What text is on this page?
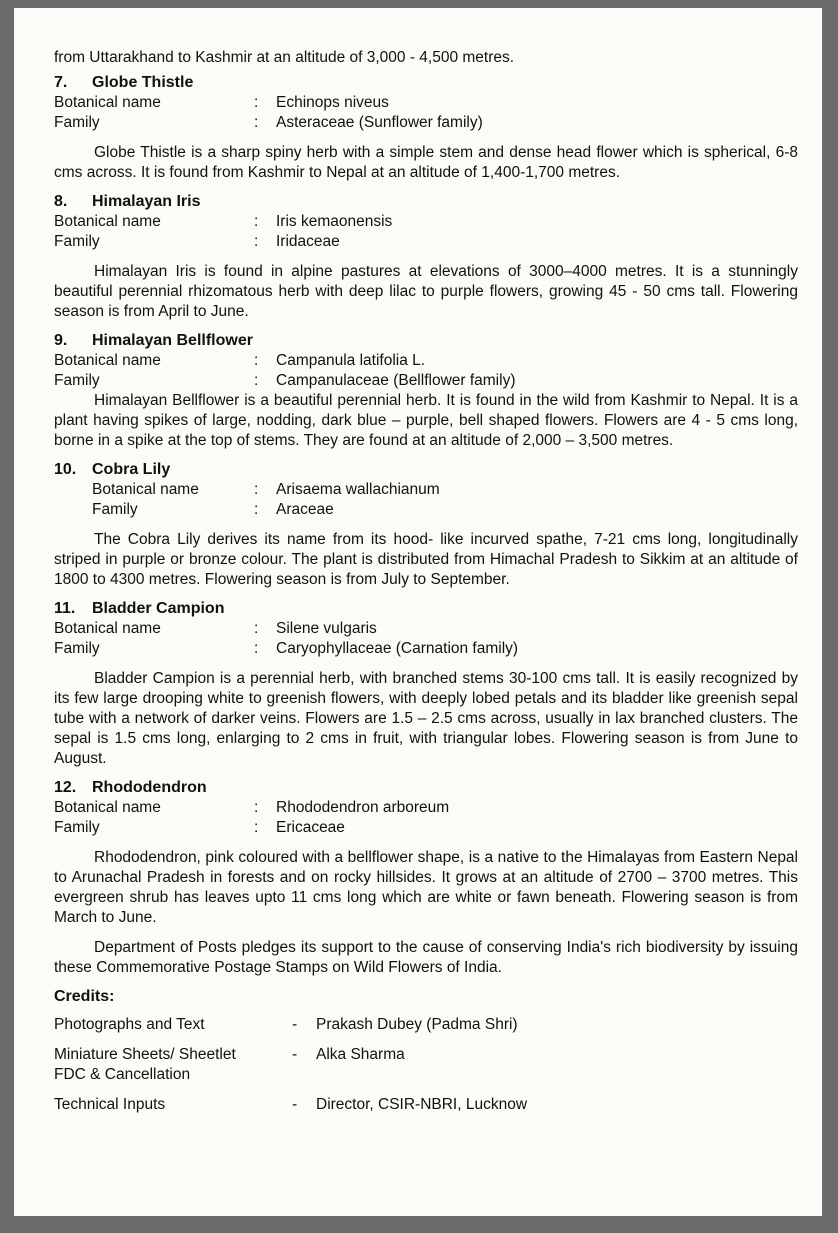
from Uttarakhand to Kashmir at an altitude of 3,000 - 4,500 metres.
7.	Globe Thistle
Botanical name	:	Echinops niveus
Family	:	Asteraceae (Sunflower family)
Globe Thistle is a sharp spiny herb with a simple stem and dense head flower which is spherical, 6-8 cms across. It is found from Kashmir to Nepal at an altitude of 1,400-1,700 metres.
8.	Himalayan Iris
Botanical name	:	Iris kemaonensis
Family	:	Iridaceae
Himalayan Iris is found in alpine pastures at elevations of 3000–4000 metres. It is a stunningly beautiful perennial rhizomatous herb with deep lilac to purple flowers, growing 45 - 50 cms tall. Flowering season is from April to June.
9.	Himalayan Bellflower
Botanical name	:	Campanula latifolia L.
Family	:	Campanulaceae (Bellflower family)
Himalayan Bellflower is a beautiful perennial herb. It is found in the wild from Kashmir to Nepal. It is a plant having spikes of large, nodding, dark blue – purple, bell shaped flowers. Flowers are 4 - 5 cms long, borne in a spike at the top of stems. They are found at an altitude of 2,000 – 3,500 metres.
10. Cobra Lily
Botanical name	:	Arisaema wallachianum
Family	:	Araceae
The Cobra Lily derives its name from its hood- like incurved spathe, 7-21 cms long, longitudinally striped in purple or bronze colour. The plant is distributed from Himachal Pradesh to Sikkim at an altitude of 1800 to 4300 metres. Flowering season is from July to September.
11.	Bladder Campion
Botanical name	:	Silene vulgaris
Family	:	Caryophyllaceae (Carnation family)
Bladder Campion is a perennial herb, with branched stems 30-100 cms tall. It is easily recognized by its few large drooping white to greenish flowers, with deeply lobed petals and its bladder like greenish sepal tube with a network of darker veins. Flowers are 1.5 – 2.5 cms across, usually in lax branched clusters. The sepal is 1.5 cms long, enlarging to 2 cms in fruit, with triangular lobes. Flowering season is from June to August.
12. Rhododendron
Botanical name	:	Rhododendron arboreum
Family	:	Ericaceae
Rhododendron, pink coloured with a bellflower shape, is a native to the Himalayas from Eastern Nepal to Arunachal Pradesh in forests and on rocky hillsides. It grows at an altitude of 2700 – 3700 metres. This evergreen shrub has leaves upto 11 cms long which are white or fawn beneath. Flowering season is from March to June.
Department of Posts pledges its support to the cause of conserving India's rich biodiversity by issuing these Commemorative Postage Stamps on Wild Flowers of India.
Credits:
Photographs and Text	-	Prakash Dubey (Padma Shri)
Miniature Sheets/ Sheetlet
FDC & Cancellation
-	Alka Sharma
Technical Inputs	-	Director, CSIR-NBRI, Lucknow
